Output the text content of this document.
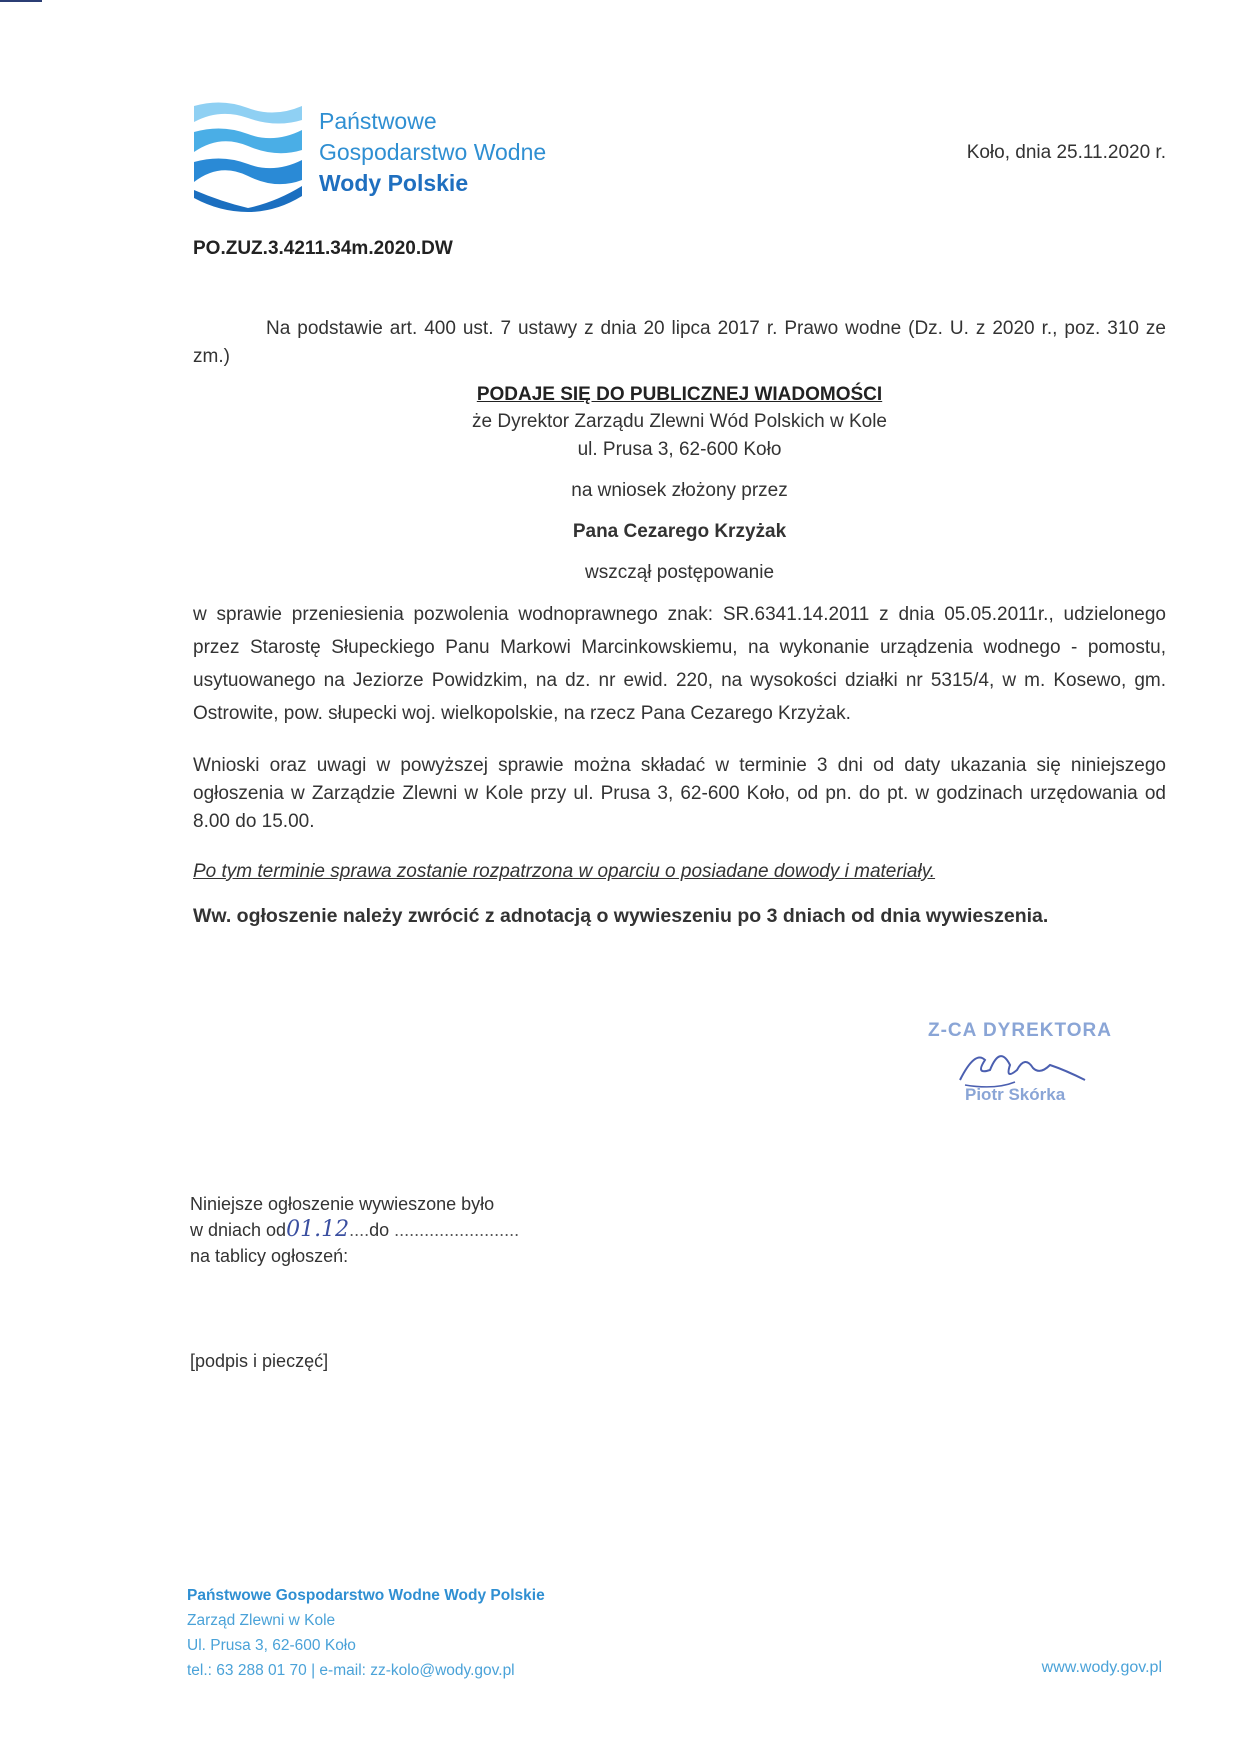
Państwowe
Gospodarstwo Wodne
Wody Polskie
Koło, dnia 25.11.2020 r.
PO.ZUZ.3.4211.34m.2020.DW
Na podstawie art. 400 ust. 7 ustawy z dnia 20 lipca 2017 r. Prawo wodne (Dz. U. z 2020 r., poz. 310 ze zm.)
PODAJE SIĘ DO PUBLICZNEJ WIADOMOŚCI
że Dyrektor Zarządu Zlewni Wód Polskich w Kole
ul. Prusa 3, 62-600 Koło
na wniosek złożony przez
Pana Cezarego Krzyżak
wszczął postępowanie
w sprawie przeniesienia pozwolenia wodnoprawnego znak: SR.6341.14.2011 z dnia 05.05.2011r., udzielonego przez Starostę Słupeckiego Panu Markowi Marcinkowskiemu, na wykonanie urządzenia wodnego - pomostu, usytuowanego na Jeziorze Powidzkim, na dz. nr ewid. 220, na wysokości działki nr 5315/4, w m. Kosewo, gm. Ostrowite, pow. słupecki woj. wielkopolskie, na rzecz Pana Cezarego Krzyżak.
Wnioski oraz uwagi w powyższej sprawie można składać w terminie 3 dni od daty ukazania się niniejszego ogłoszenia w Zarządzie Zlewni w Kole przy ul. Prusa 3, 62-600 Koło, od pn. do pt. w godzinach urzędowania od 8.00 do 15.00.
Po tym terminie sprawa zostanie rozpatrzona w oparciu o posiadane dowody i materiały.
Ww. ogłoszenie należy zwrócić z adnotacją o wywieszeniu po 3 dniach od dnia wywieszenia.
Z-CA DYREKTORA
Piotr Skórka
Niniejsze ogłoszenie wywieszone było
w dniach od01.12....do .........................
na tablicy ogłoszeń:
[podpis i pieczęć]
Państwowe Gospodarstwo Wodne Wody Polskie
Zarząd Zlewni w Kole
Ul. Prusa 3, 62-600 Koło
tel.: 63 288 01 70 | e-mail: zz-kolo@wody.gov.pl	www.wody.gov.pl
